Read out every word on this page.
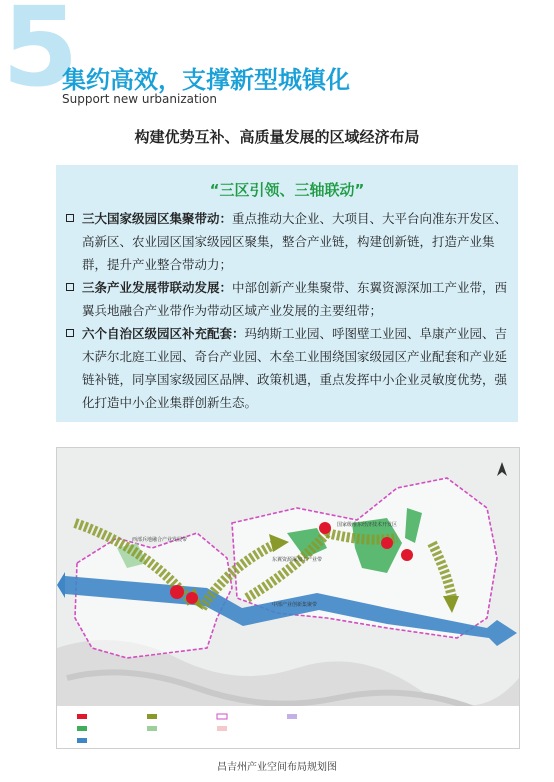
5
集约高效，支撑新型城镇化
Support new urbanization
构建优势互补、高质量发展的区域经济布局
“三区引领、三轴联动”

三大国家级园区集聚带动：重点推动大企业、大项目、大平台向准东开发区、高新区、农业园区国家级园区聚集，整合产业链，构建创新链，打造产业集群，提升产业整合带动力；

三条产业发展带联动发展：中部创新产业集聚带、东翼资源深加工产业带，西翼兵地融合产业带作为带动区域产业发展的主要纽带；

六个自治区级园区补充配套：玛纳斯工业园、呼图壁工业园、阜康产业园、吉木萨尔北庭工业园、奇台产业园、木垒工业围绕国家级园区产业配套和产业延链补链，同享国家级园区品牌、政策机遇，重点发挥中小企业灵敏度优势，强化打造中小企业集群创新生态。

西部兵地融合产业发展带
东翼资源深加工产业带
中部产业创新集聚带
国家级准东经济技术开发区
昌吉州产业空间布局规划图
